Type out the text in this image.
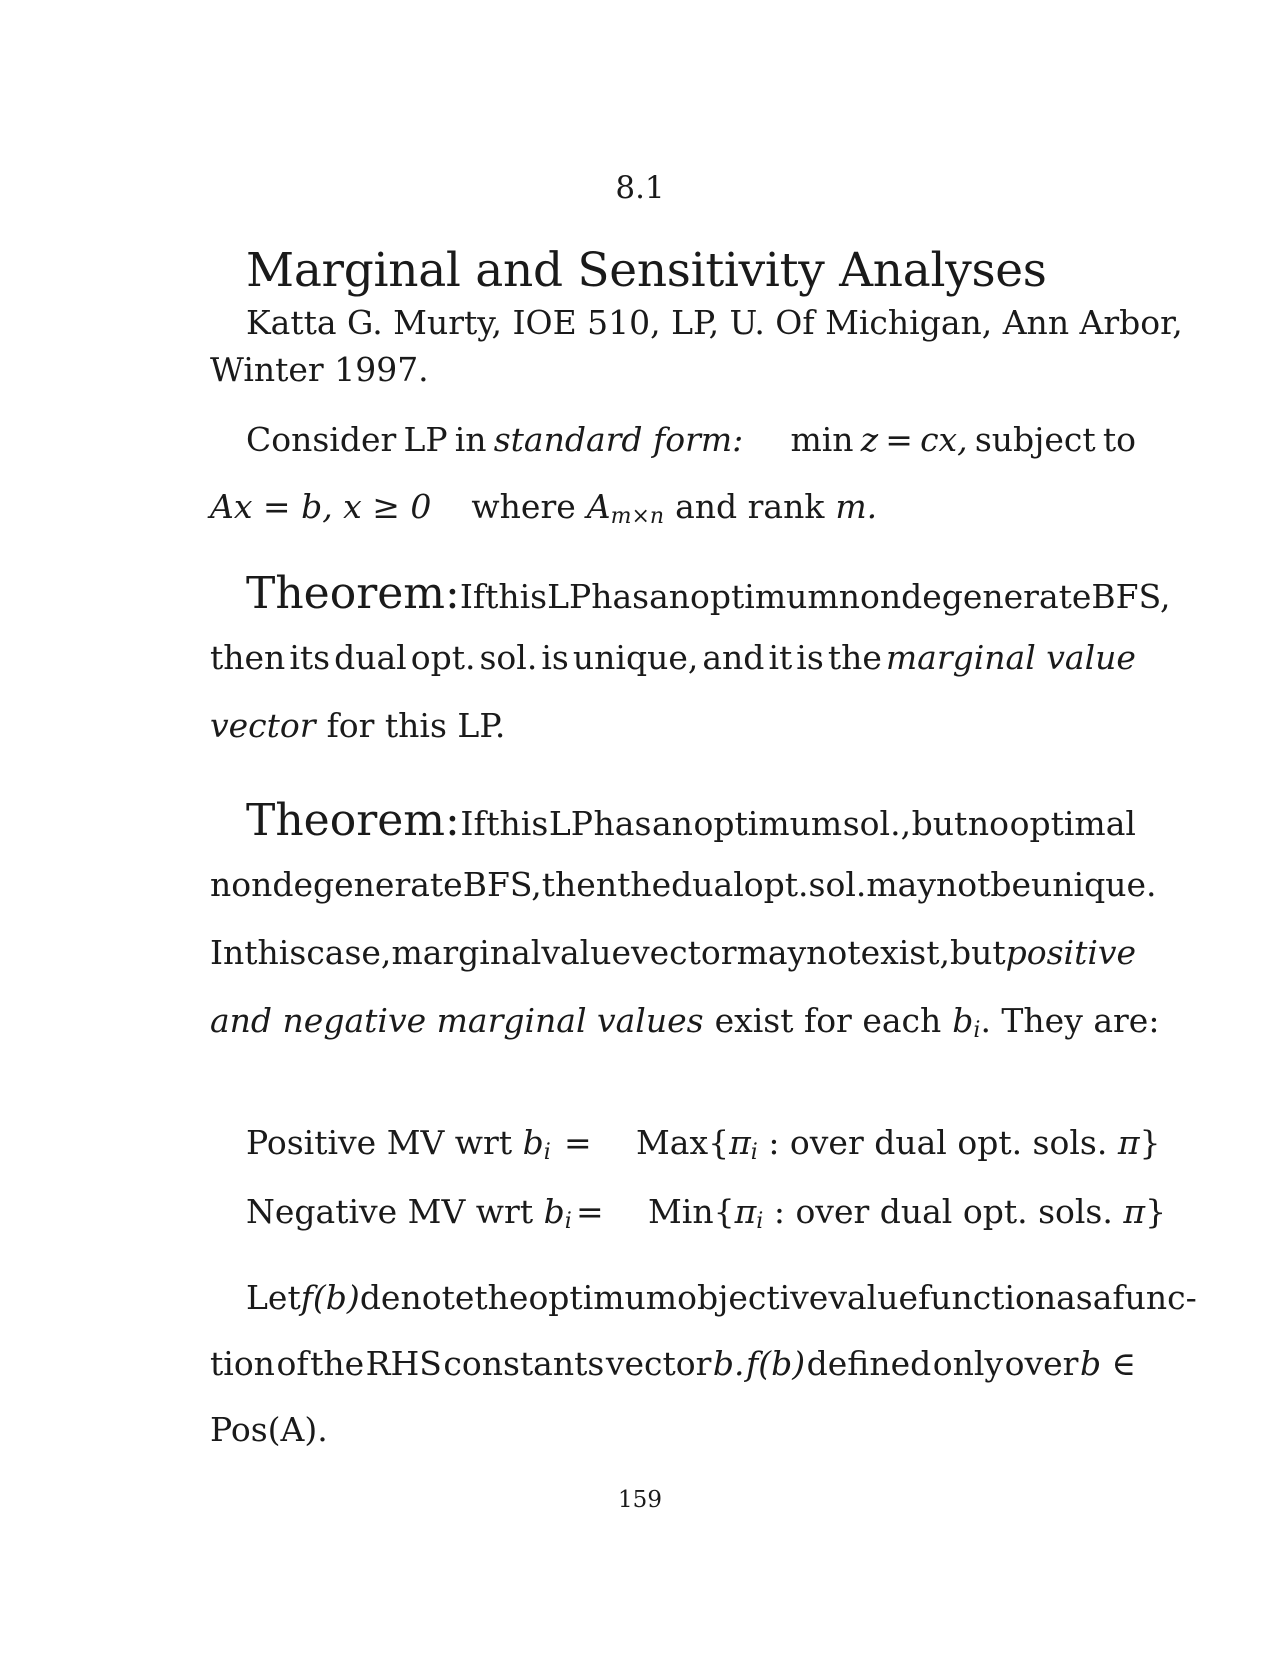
8.1
Marginal and Sensitivity Analyses
Katta G. Murty, IOE 510, LP, U. Of Michigan, Ann Arbor,
Winter 1997.
Consider LP in standard form: min z = cx, subject to
Ax = b, x ≥ 0 where $A_{m\times n}$ and rank m.
Theorem: If this LP has an optimum nondegenerate BFS,
then its dual opt. sol. is unique, and it is the marginal value
vector for this LP.
Theorem: If this LP has an optimum sol., but no optimal
nondegenerate BFS, then the dual opt. sol. may not be unique.
In this case, marginal value vector may not exist, but positive
and negative marginal values exist for each $b_i$. They are:
Positive MV wrt $b_i = Max\{\pi_i$ : over dual opt. sols. π}
Negative MV wrt $b_i = Min\{\pi_i$ : over dual opt. sols. π}
Let f(b) denote the optimum objective value function as a func-
tion of the RHS constants vector b. f(b) defined only over b ∈
Pos(A).
159
